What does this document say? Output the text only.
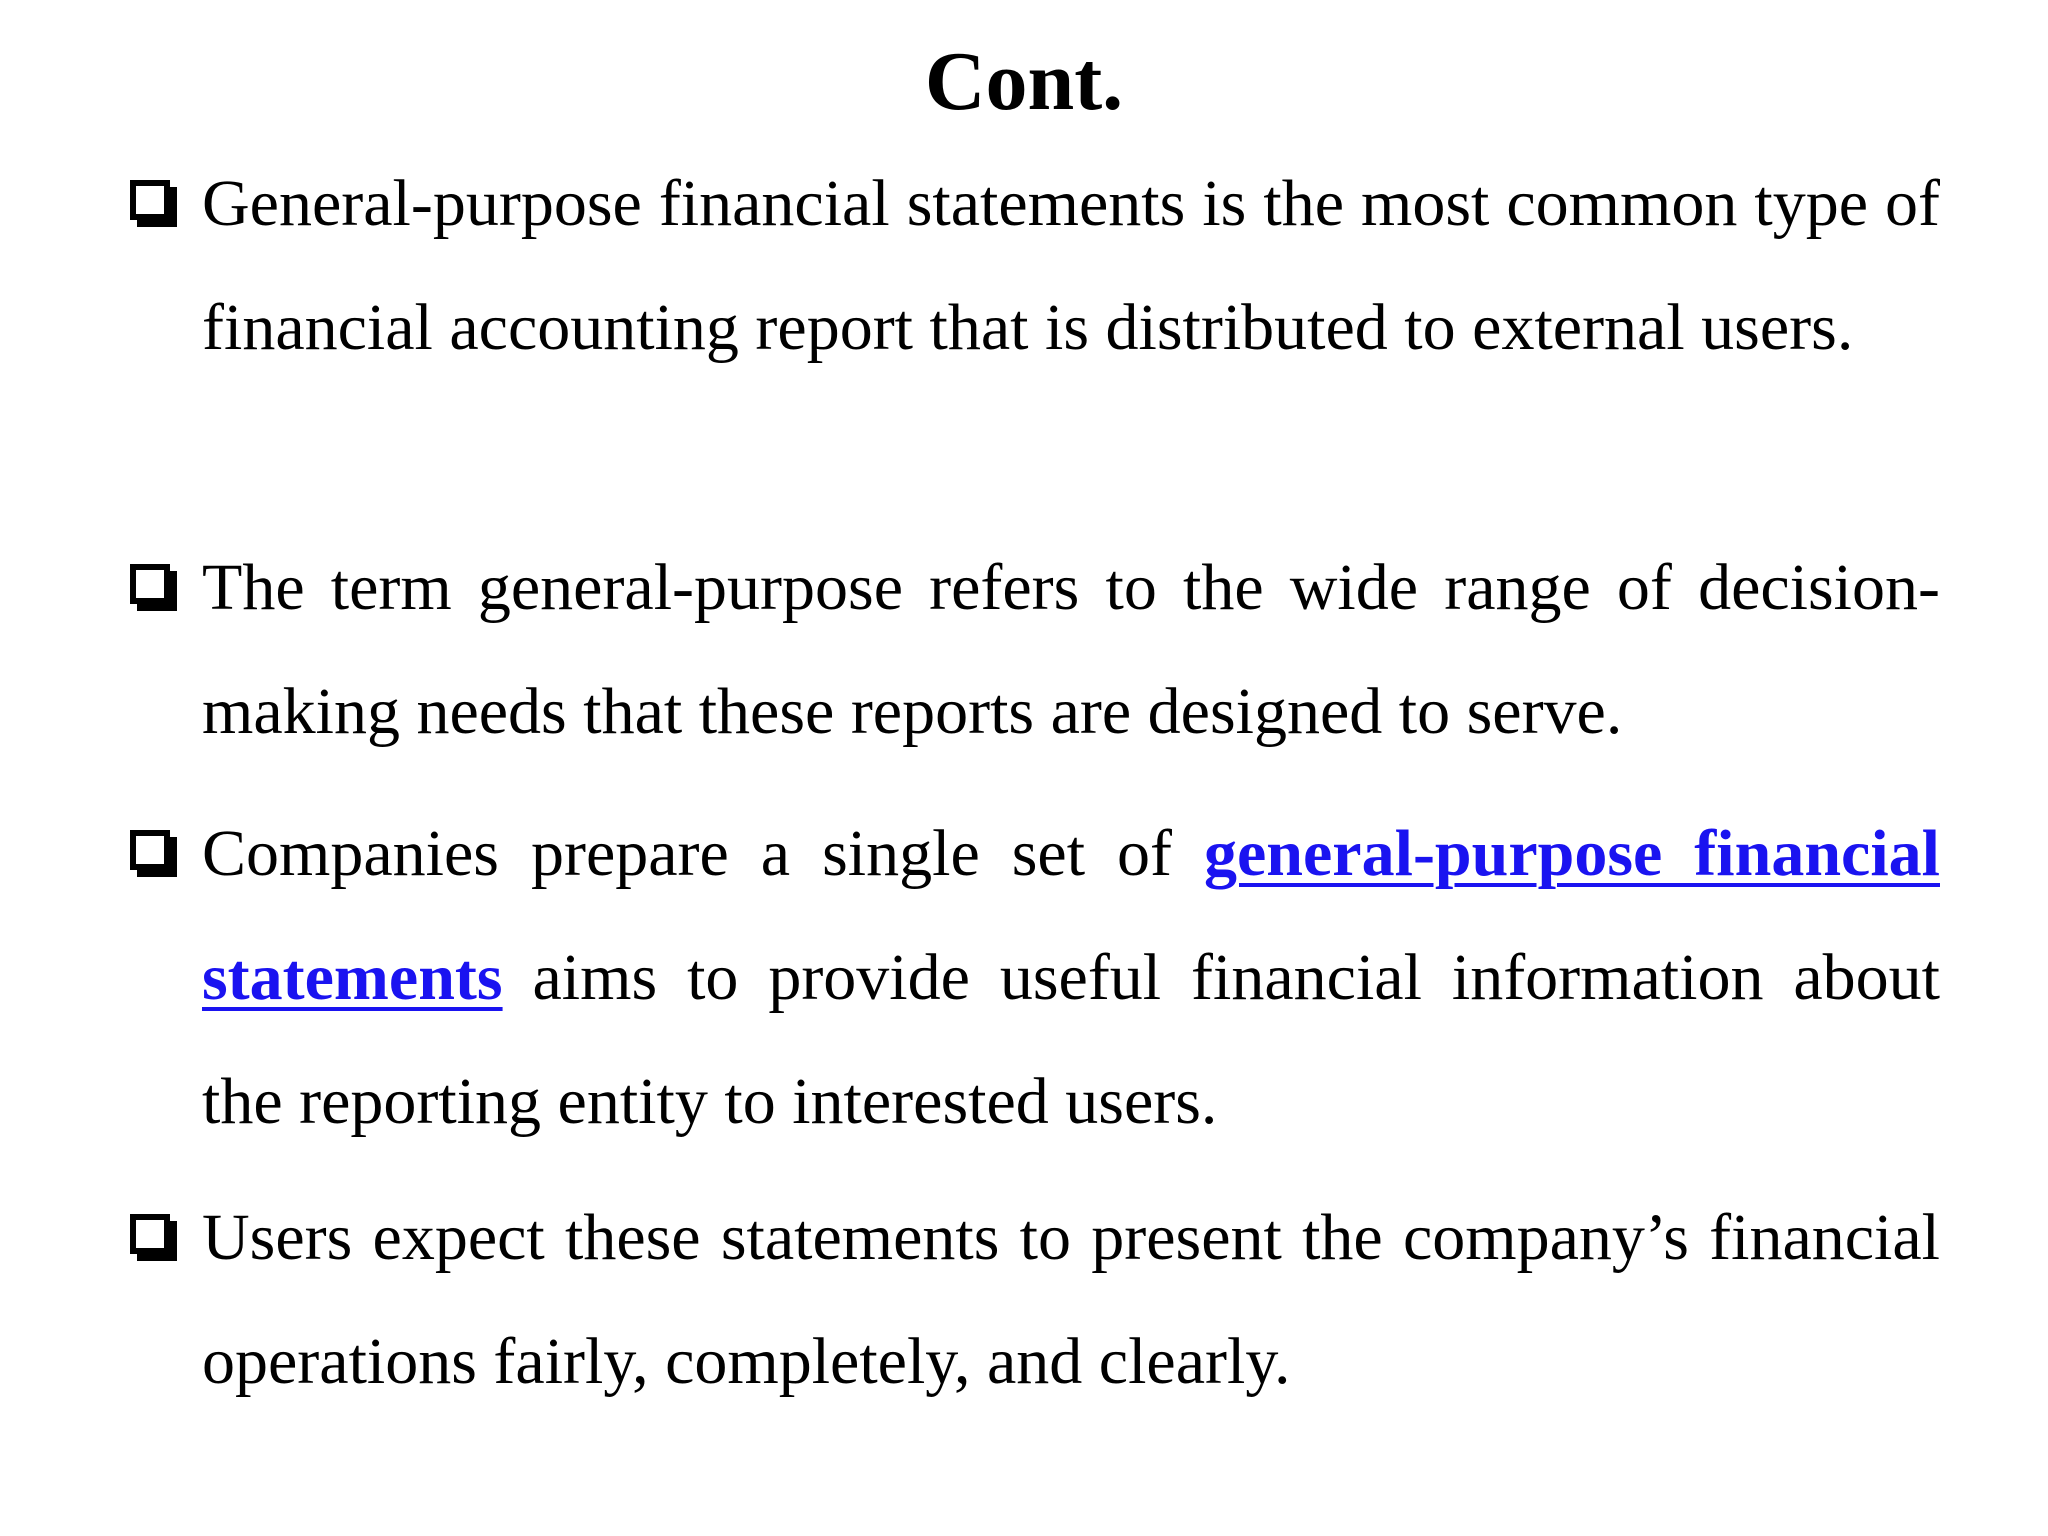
Cont.

General-purpose financial statements is the most common type of financial accounting report that is distributed to external users.

The term general-purpose refers to the wide range of decision-making needs that these reports are designed to serve.

Companies prepare a single set of general-purpose financial statements aims to provide useful financial information about the reporting entity to interested users.

Users expect these statements to present the company’s financial operations fairly, completely, and clearly.
